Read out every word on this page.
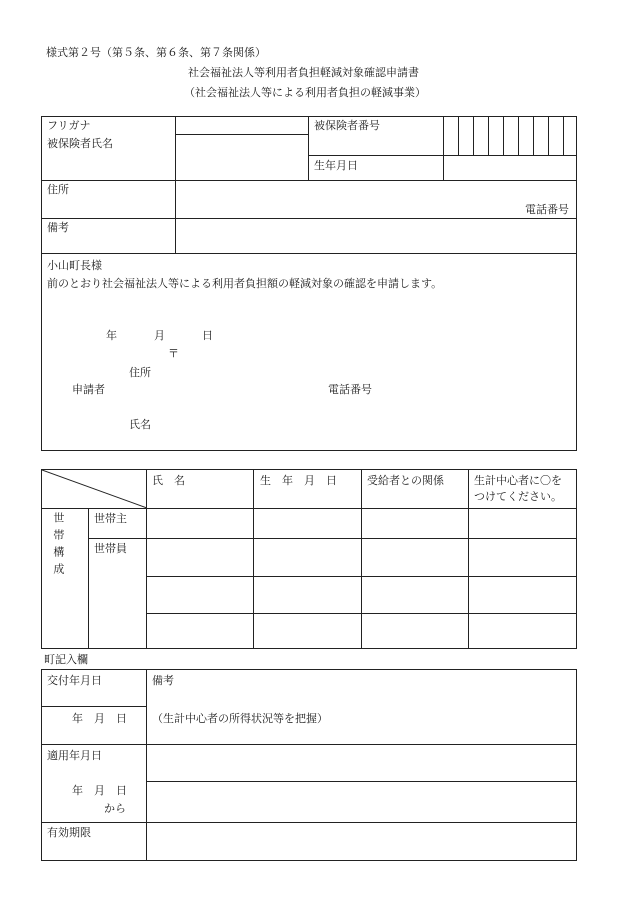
様式第２号（第５条、第６条、第７条関係）
社会福祉法人等利用者負担軽減対象確認申請書
（社会福祉法人等による利用者負担の軽減事業）
フリガナ
被保険者氏名
被保険者番号
生年月日
住所
電話番号
備考
小山町長様
前のとおり社会福祉法人等による利用者負担額の軽減対象の確認を申請します。
年	月	日
〒
住所
申請者	電話番号
氏名
氏　名	生　年　月　日	受給者との関係	生計中心者に〇を
つけてください。
世帯構成	世帯主
世帯員
町記入欄
交付年月日
年　月　日
備考
（生計中心者の所得状況等を把握）
適用年月日
年　月　日
から
有効期限
